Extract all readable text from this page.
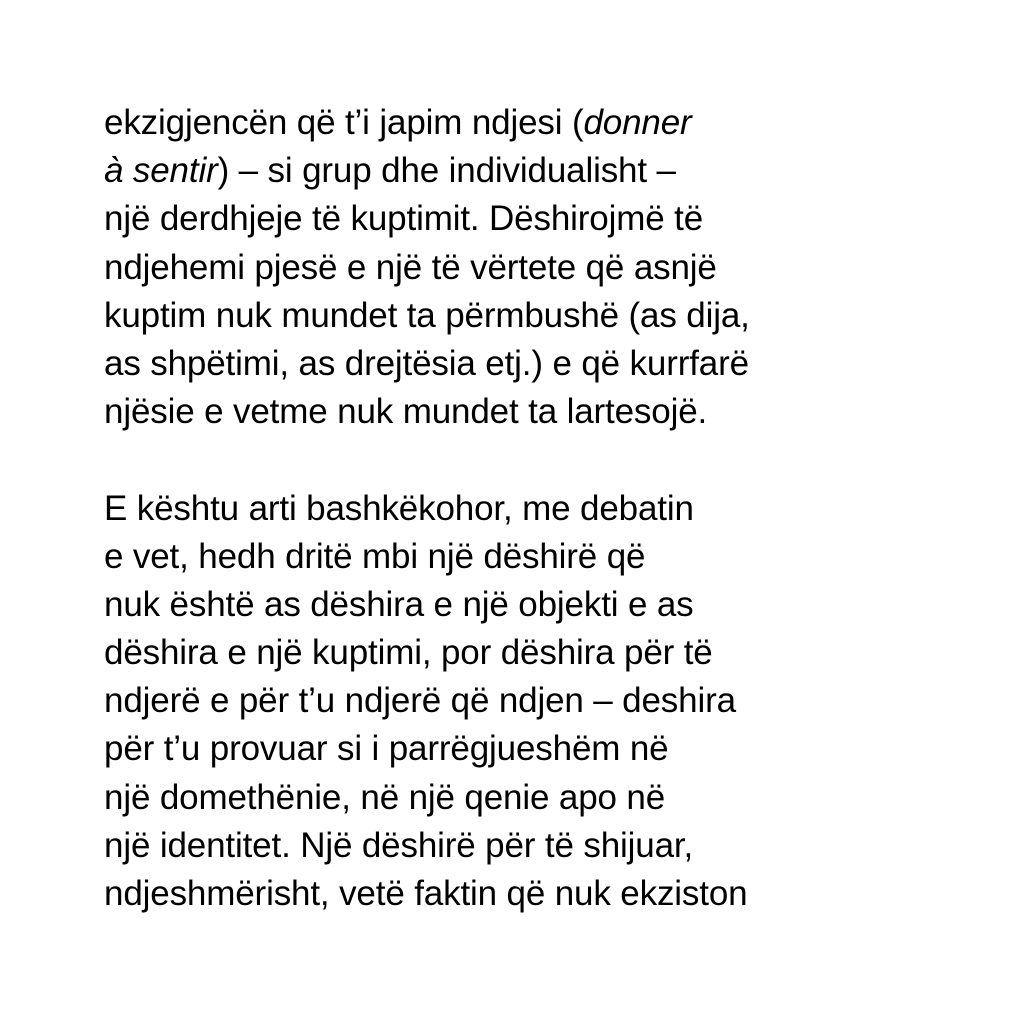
ekzigjencën që t’i japim ndjesi (donner
à sentir) – si grup dhe individualisht –
një derdhjeje të kuptimit. Dëshirojmë të
ndjehemi pjesë e një të vërtete që asnjë
kuptim nuk mundet ta përmbushë (as dija,
as shpëtimi, as drejtësia etj.) e që kurrfarë
njësie e vetme nuk mundet ta lartesojë.
E kështu arti bashkëkohor, me debatin
e vet, hedh dritë mbi një dëshirë që
nuk është as dëshira e një objekti e as
dëshira e një kuptimi, por dëshira për të
ndjerë e për t’u ndjerë që ndjen – deshira
për t’u provuar si i parrëgjueshëm në
një domethënie, në një qenie apo në
një identitet. Një dëshirë për të shijuar,
ndjeshmërisht, vetë faktin që nuk ekziston
